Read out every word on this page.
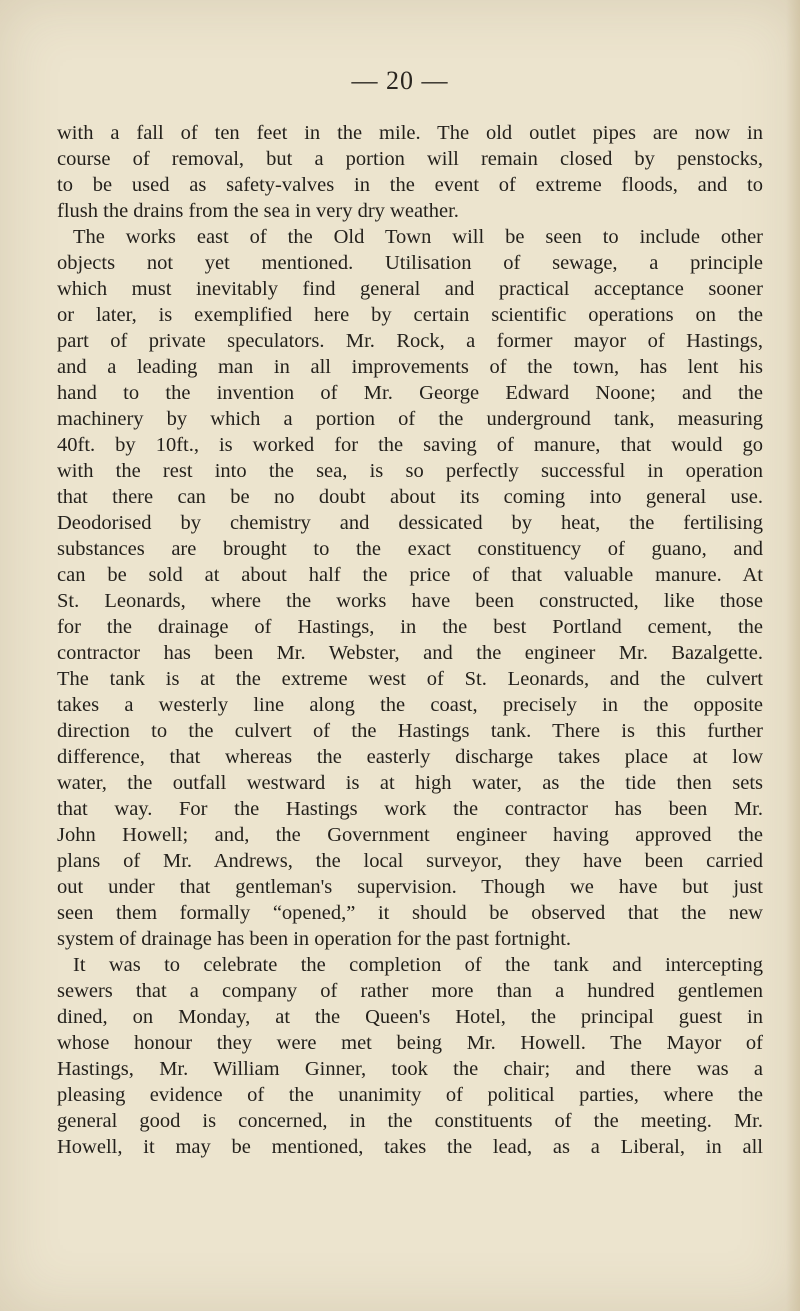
— 20 —
with a fall of ten feet in the mile. The old outlet pipes are now in
course of removal, but a portion will remain closed by penstocks,
to be used as safety-valves in the event of extreme floods, and to
flush the drains from the sea in very dry weather.
The works east of the Old Town will be seen to include other
objects not yet mentioned. Utilisation of sewage, a principle
which must inevitably find general and practical acceptance sooner
or later, is exemplified here by certain scientific operations on the
part of private speculators. Mr. Rock, a former mayor of Hastings,
and a leading man in all improvements of the town, has lent his
hand to the invention of Mr. George Edward Noone; and the
machinery by which a portion of the underground tank, measuring
40ft. by 10ft., is worked for the saving of manure, that would go
with the rest into the sea, is so perfectly successful in operation
that there can be no doubt about its coming into general use.
Deodorised by chemistry and dessicated by heat, the fertilising
substances are brought to the exact constituency of guano, and
can be sold at about half the price of that valuable manure. At
St. Leonards, where the works have been constructed, like those
for the drainage of Hastings, in the best Portland cement, the
contractor has been Mr. Webster, and the engineer Mr. Bazalgette.
The tank is at the extreme west of St. Leonards, and the culvert
takes a westerly line along the coast, precisely in the opposite
direction to the culvert of the Hastings tank. There is this further
difference, that whereas the easterly discharge takes place at low
water, the outfall westward is at high water, as the tide then sets
that way. For the Hastings work the contractor has been Mr.
John Howell; and, the Government engineer having approved the
plans of Mr. Andrews, the local surveyor, they have been carried
out under that gentleman's supervision. Though we have but just
seen them formally “opened,” it should be observed that the new
system of drainage has been in operation for the past fortnight.
It was to celebrate the completion of the tank and intercepting
sewers that a company of rather more than a hundred gentlemen
dined, on Monday, at the Queen's Hotel, the principal guest in
whose honour they were met being Mr. Howell. The Mayor of
Hastings, Mr. William Ginner, took the chair; and there was a
pleasing evidence of the unanimity of political parties, where the
general good is concerned, in the constituents of the meeting. Mr.
Howell, it may be mentioned, takes the lead, as a Liberal, in all
